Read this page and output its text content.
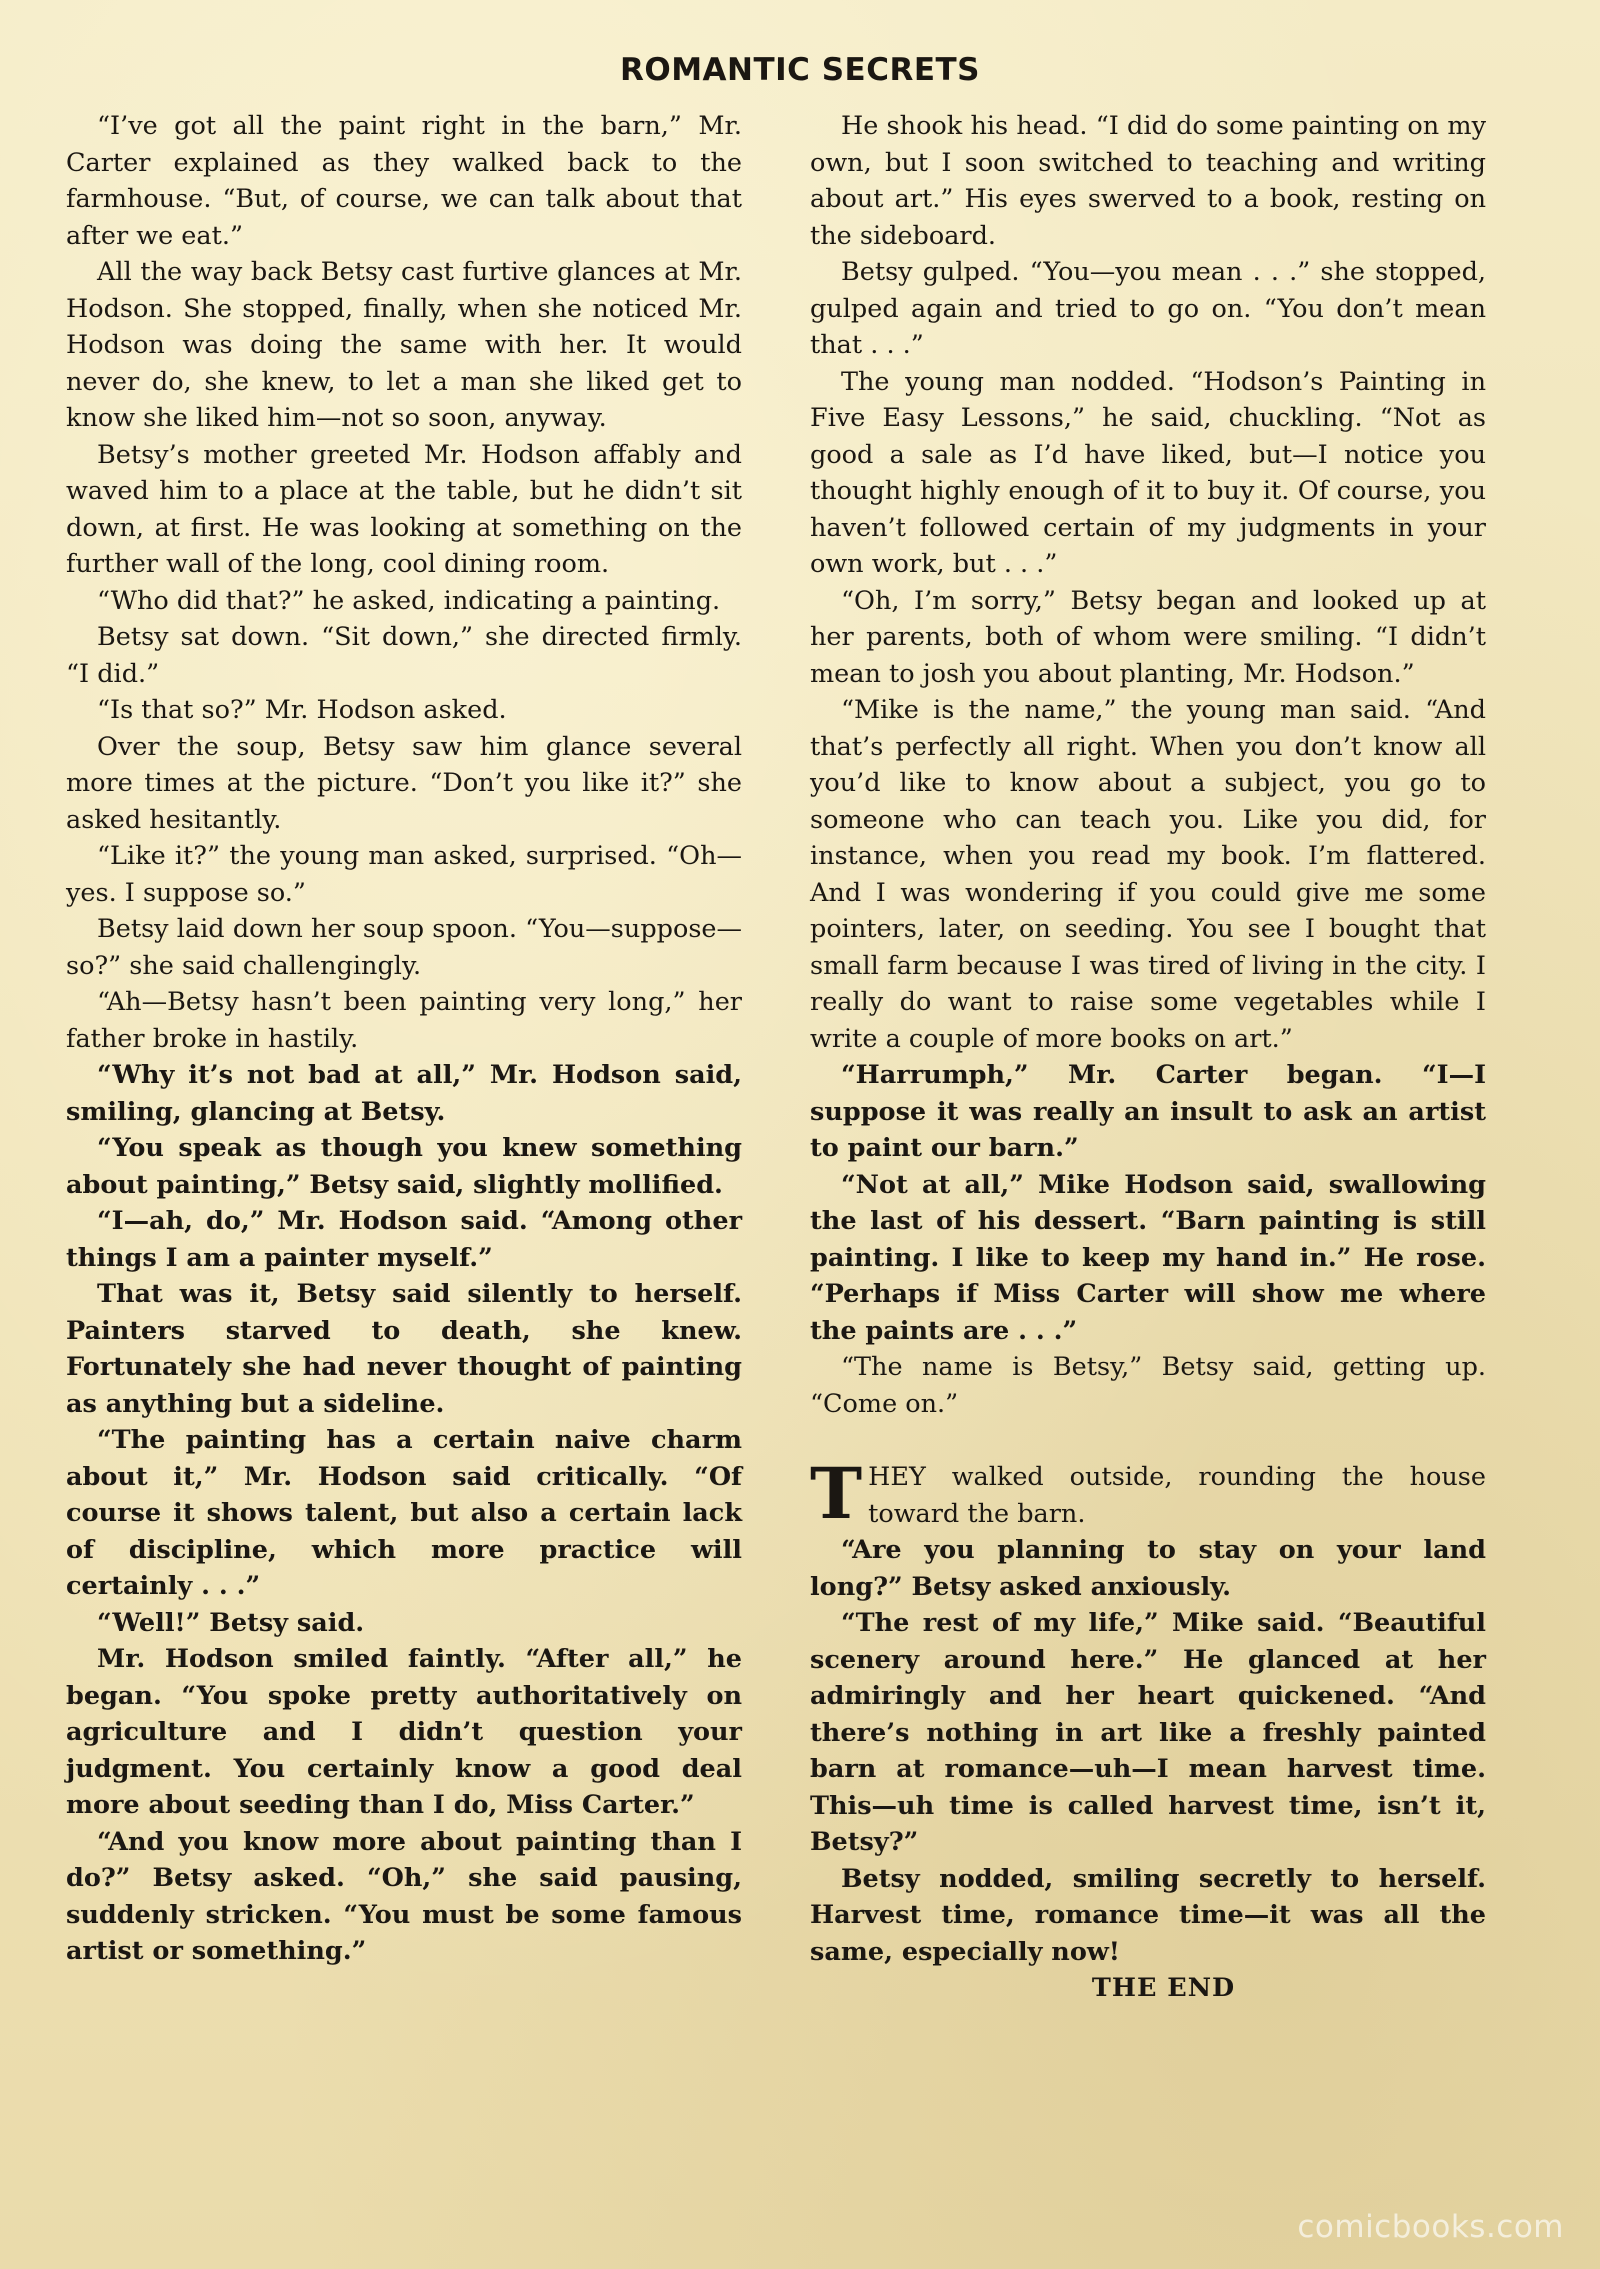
ROMANTIC SECRETS

“I’ve got all the paint right in the barn,” Mr. Carter explained as they walked back to the farmhouse. “But, of course, we can talk about that after we eat.”

All the way back Betsy cast furtive glances at Mr. Hodson. She stopped, finally, when she noticed Mr. Hodson was doing the same with her. It would never do, she knew, to let a man she liked get to know she liked him—not so soon, anyway.

Betsy’s mother greeted Mr. Hodson affably and waved him to a place at the table, but he didn’t sit down, at first. He was looking at something on the further wall of the long, cool dining room.

“Who did that?” he asked, indicating a painting.

Betsy sat down. “Sit down,” she directed firmly. “I did.”

“Is that so?” Mr. Hodson asked.

Over the soup, Betsy saw him glance several more times at the picture. “Don’t you like it?” she asked hesitantly.

“Like it?” the young man asked, surprised. “Oh—yes. I suppose so.”

Betsy laid down her soup spoon. “You—suppose—so?” she said challengingly.

“Ah—Betsy hasn’t been painting very long,” her father broke in hastily.

“Why it’s not bad at all,” Mr. Hodson said, smiling, glancing at Betsy.

“You speak as though you knew something about painting,” Betsy said, slightly mollified.

“I—ah, do,” Mr. Hodson said. “Among other things I am a painter myself.”

That was it, Betsy said silently to herself. Painters starved to death, she knew. Fortunately she had never thought of painting as anything but a sideline.

“The painting has a certain naive charm about it,” Mr. Hodson said critically. “Of course it shows talent, but also a certain lack of discipline, which more practice will certainly . . .”

“Well!” Betsy said.

Mr. Hodson smiled faintly. “After all,” he began. “You spoke pretty authoritatively on agriculture and I didn’t question your judgment. You certainly know a good deal more about seeding than I do, Miss Carter.”

“And you know more about painting than I do?” Betsy asked. “Oh,” she said pausing, suddenly stricken. “You must be some famous artist or something.”

He shook his head. “I did do some painting on my own, but I soon switched to teaching and writing about art.” His eyes swerved to a book, resting on the sideboard.

Betsy gulped. “You—you mean . . .” she stopped, gulped again and tried to go on. “You don’t mean that . . .”

The young man nodded. “Hodson’s Painting in Five Easy Lessons,” he said, chuckling. “Not as good a sale as I’d have liked, but—I notice you thought highly enough of it to buy it. Of course, you haven’t followed certain of my judgments in your own work, but . . .”

“Oh, I’m sorry,” Betsy began and looked up at her parents, both of whom were smiling. “I didn’t mean to josh you about planting, Mr. Hodson.”

“Mike is the name,” the young man said. “And that’s perfectly all right. When you don’t know all you’d like to know about a subject, you go to someone who can teach you. Like you did, for instance, when you read my book. I’m flattered. And I was wondering if you could give me some pointers, later, on seeding. You see I bought that small farm because I was tired of living in the city. I really do want to raise some vegetables while I write a couple of more books on art.”

“Harrumph,” Mr. Carter began. “I—I suppose it was really an insult to ask an artist to paint our barn.”

“Not at all,” Mike Hodson said, swallowing the last of his dessert. “Barn painting is still painting. I like to keep my hand in.” He rose. “Perhaps if Miss Carter will show me where the paints are . . .”

“The name is Betsy,” Betsy said, getting up. “Come on.”

THEY walked outside, rounding the house toward the barn.

“Are you planning to stay on your land long?” Betsy asked anxiously.

“The rest of my life,” Mike said. “Beautiful scenery around here.” He glanced at her admiringly and her heart quickened. “And there’s nothing in art like a freshly painted barn at romance—uh—I mean harvest time. This—uh time is called harvest time, isn’t it, Betsy?”

Betsy nodded, smiling secretly to herself. Harvest time, romance time—it was all the same, especially now!

THE END

comicbooks.com
